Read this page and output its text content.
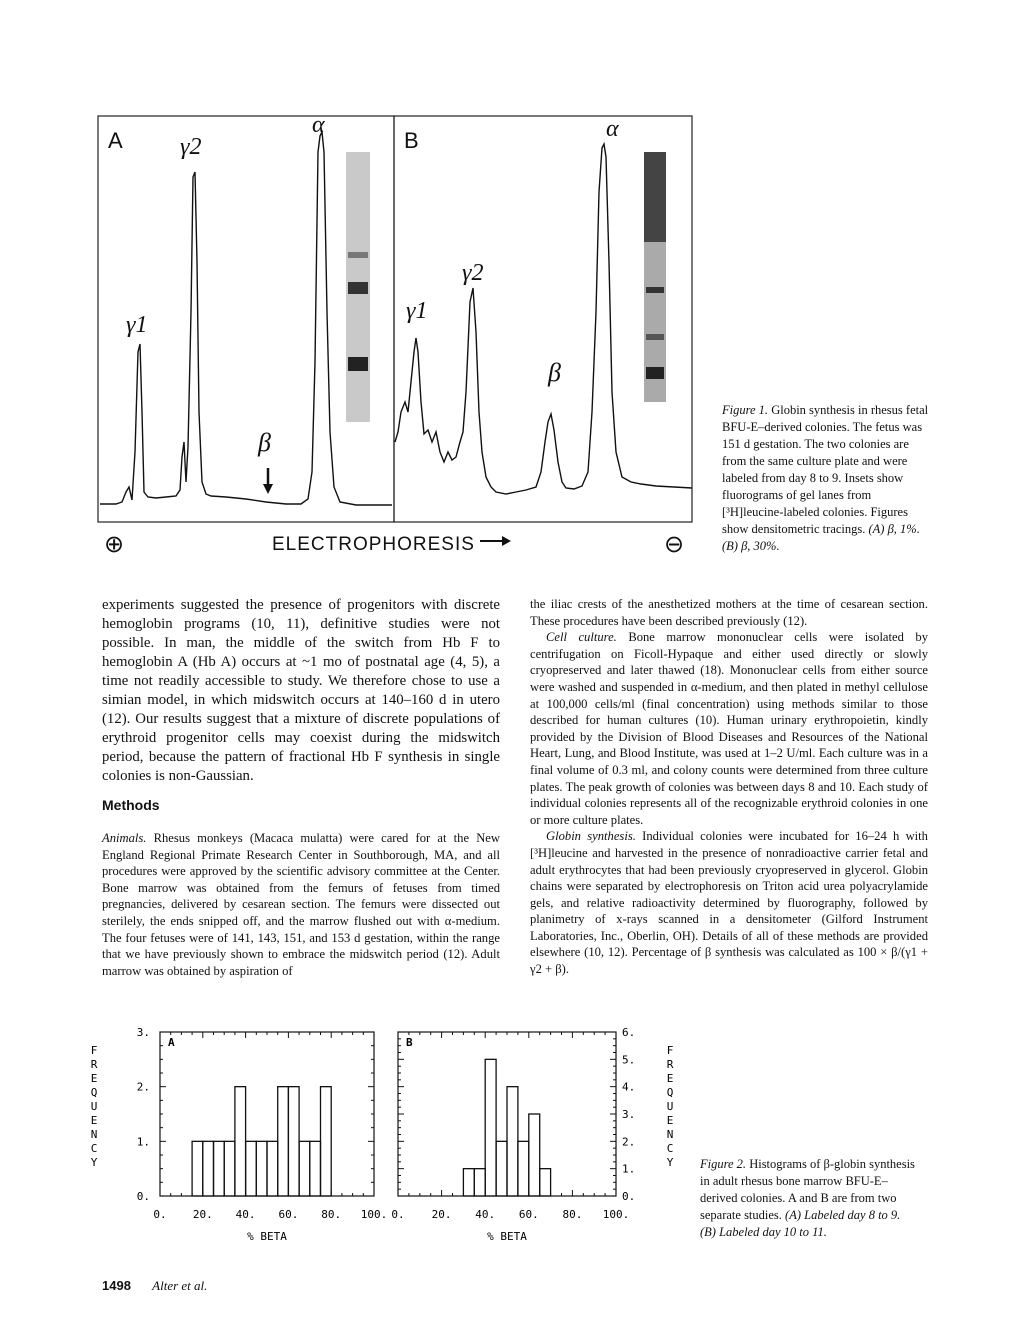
A	B
γ2
α
γ1
β
α
γ2
γ1
β
⊕	ELECTROPHORESIS	⊖
Figure 1. Globin synthesis in rhesus fetal BFU-E–derived colonies. The fetus was 151 d gestation. The two colonies are from the same culture plate and were labeled from day 8 to 9. Insets show fluorograms of gel lanes from [³H]leucine-labeled colonies. Figures show densitometric tracings. (A) β, 1%. (B) β, 30%.

experiments suggested the presence of progenitors with discrete hemoglobin programs (10, 11), definitive studies were not possible. In man, the middle of the switch from Hb F to hemoglobin A (Hb A) occurs at ~1 mo of postnatal age (4, 5), a time not readily accessible to study. We therefore chose to use a simian model, in which midswitch occurs at 140–160 d in utero (12). Our results suggest that a mixture of discrete populations of erythroid progenitor cells may coexist during the midswitch period, because the pattern of fractional Hb F synthesis in single colonies is non-Gaussian.

Methods

Animals. Rhesus monkeys (Macaca mulatta) were cared for at the New England Regional Primate Research Center in Southborough, MA, and all procedures were approved by the scientific advisory committee at the Center. Bone marrow was obtained from the femurs of fetuses from timed pregnancies, delivered by cesarean section. The femurs were dissected out sterilely, the ends snipped off, and the marrow flushed out with α-medium. The four fetuses were of 141, 143, 151, and 153 d gestation, within the range that we have previously shown to embrace the midswitch period (12). Adult marrow was obtained by aspiration of

the iliac crests of the anesthetized mothers at the time of cesarean section. These procedures have been described previously (12).

Cell culture. Bone marrow mononuclear cells were isolated by centrifugation on Ficoll-Hypaque and either used directly or slowly cryopreserved and later thawed (18). Mononuclear cells from either source were washed and suspended in α-medium, and then plated in methyl cellulose at 100,000 cells/ml (final concentration) using methods similar to those described for human cultures (10). Human urinary erythropoietin, kindly provided by the Division of Blood Diseases and Resources of the National Heart, Lung, and Blood Institute, was used at 1–2 U/ml. Each culture was in a final volume of 0.3 ml, and colony counts were determined from three culture plates. The peak growth of colonies was between days 8 and 10. Each study of individual colonies represents all of the recognizable erythroid colonies in one or more culture plates.

Globin synthesis. Individual colonies were incubated for 16–24 h with [³H]leucine and harvested in the presence of nonradioactive carrier fetal and adult erythrocytes that had been previously cryopreserved in glycerol. Globin chains were separated by electrophoresis on Triton acid urea polyacrylamide gels, and relative radioactivity determined by fluorography, followed by planimetry of x-rays scanned in a densitometer (Gilford Instrument Laboratories, Inc., Oberlin, OH). Details of all of these methods are provided elsewhere (10, 12). Percentage of β synthesis was calculated as 100 × β/(γ1 + γ2 + β).

A
0. 20. 40. 60. 80. 100.
0.
1.
2.
3.
% BETA
F R E Q U E N C Y
B
0. 20. 40. 60. 80. 100.
0.
1.
2.
3.
4.
5.
6.
% BETA
F R E Q U E N C Y Figure 2. Histograms of β-globin synthesis in adult rhesus bone marrow BFU-E–derived colonies. A and B are from two separate studies. (A) Labeled day 8 to 9. (B) Labeled day 10 to 11.
1498 Alter et al.
